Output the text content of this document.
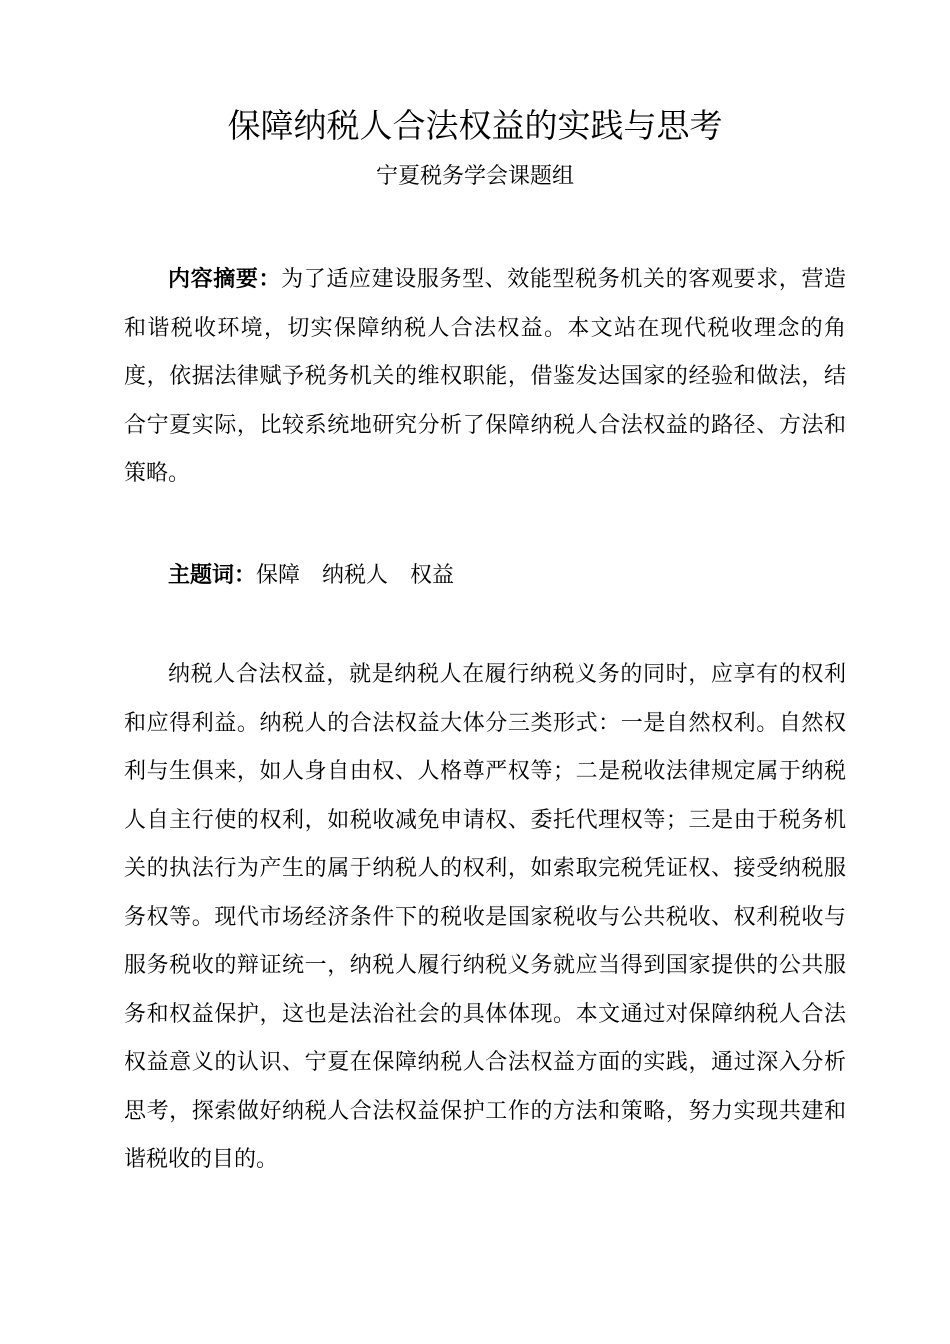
保障纳税人合法权益的实践与思考
宁夏税务学会课题组

内容摘要：为了适应建设服务型、效能型税务机关的客观要求，营造和谐税收环境，切实保障纳税人合法权益。本文站在现代税收理念的角度，依据法律赋予税务机关的维权职能，借鉴发达国家的经验和做法，结合宁夏实际，比较系统地研究分析了保障纳税人合法权益的路径、方法和策略。

主题词：保障 纳税人 权益

纳税人合法权益，就是纳税人在履行纳税义务的同时，应享有的权利和应得利益。纳税人的合法权益大体分三类形式：一是自然权利。自然权利与生俱来，如人身自由权、人格尊严权等；二是税收法律规定属于纳税人自主行使的权利，如税收减免申请权、委托代理权等；三是由于税务机关的执法行为产生的属于纳税人的权利，如索取完税凭证权、接受纳税服务权等。现代市场经济条件下的税收是国家税收与公共税收、权利税收与服务税收的辩证统一，纳税人履行纳税义务就应当得到国家提供的公共服务和权益保护，这也是法治社会的具体体现。本文通过对保障纳税人合法权益意义的认识、宁夏在保障纳税人合法权益方面的实践，通过深入分析思考，探索做好纳税人合法权益保护工作的方法和策略，努力实现共建和谐税收的目的。
